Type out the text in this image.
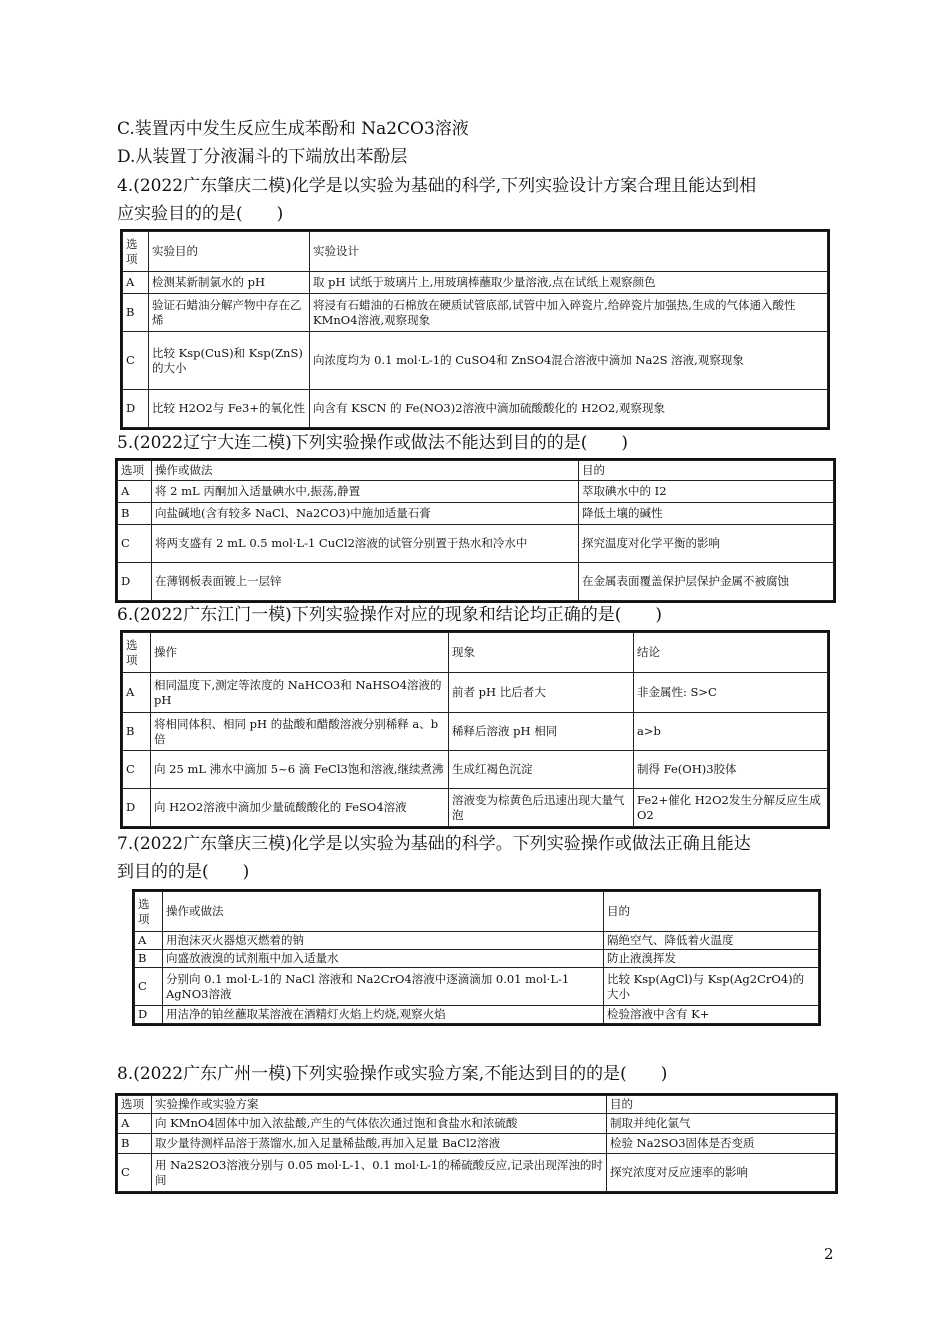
C.装置丙中发生反应生成苯酚和 Na2CO3溶液
D.从装置丁分液漏斗的下端放出苯酚层
4.(2022广东肇庆二模)化学是以实验为基础的科学,下列实验设计方案合理且能达到相
应实验目的的是(　　)
选项	实验目的	实验设计
A	检测某新制氯水的 pH	取 pH 试纸于玻璃片上,用玻璃棒蘸取少量溶液,点在试纸上观察颜色
B	验证石蜡油分解产物中存在乙烯	将浸有石蜡油的石棉放在硬质试管底部,试管中加入碎瓷片,给碎瓷片加强热,生成的气体通入酸性 KMnO4溶液,观察现象
C	比较 Ksp(CuS)和 Ksp(ZnS)的大小	向浓度均为 0.1 mol·L-1的 CuSO4和 ZnSO4混合溶液中滴加 Na2S 溶液,观察现象
D	比较 H2O2与 Fe3+的氧化性	向含有 KSCN 的 Fe(NO3)2溶液中滴加硫酸酸化的 H2O2,观察现象
5.(2022辽宁大连二模)下列实验操作或做法不能达到目的的是(　　)
选项	操作或做法	目的
A	将 2 mL 丙酮加入适量碘水中,振荡,静置	萃取碘水中的 I2
B	向盐碱地(含有较多 NaCl、Na2CO3)中施加适量石膏	降低土壤的碱性
C	将两支盛有 2 mL 0.5 mol·L-1 CuCl2溶液的试管分别置于热水和冷水中	探究温度对化学平衡的影响
D	在薄钢板表面镀上一层锌	在金属表面覆盖保护层保护金属不被腐蚀
6.(2022广东江门一模)下列实验操作对应的现象和结论均正确的是(　　)
选项	操作	现象	结论
A	相同温度下,测定等浓度的 NaHCO3和 NaHSO4溶液的 pH	前者 pH 比后者大	非金属性: S>C
B	将相同体积、相同 pH 的盐酸和醋酸溶液分别稀释 a、b 倍	稀释后溶液 pH 相同	a>b
C	向 25 mL 沸水中滴加 5~6 滴 FeCl3饱和溶液,继续煮沸	生成红褐色沉淀	制得 Fe(OH)3胶体
D	向 H2O2溶液中滴加少量硫酸酸化的 FeSO4溶液	溶液变为棕黄色后迅速出现大量气泡	Fe2+催化 H2O2发生分解反应生成 O2
7.(2022广东肇庆三模)化学是以实验为基础的科学。下列实验操作或做法正确且能达
到目的的是(　　)
选项	操作或做法	目的
A	用泡沫灭火器熄灭燃着的钠	隔绝空气、降低着火温度
B	向盛放液溴的试剂瓶中加入适量水	防止液溴挥发
C	分别向 0.1 mol·L-1的 NaCl 溶液和 Na2CrO4溶液中逐滴滴加 0.01 mol·L-1 AgNO3溶液	比较 Ksp(AgCl)与 Ksp(Ag2CrO4)的大小
D	用洁净的铂丝蘸取某溶液在酒精灯火焰上灼烧,观察火焰	检验溶液中含有 K+
8.(2022广东广州一模)下列实验操作或实验方案,不能达到目的的是(　　)
选项	实验操作或实验方案	目的
A	向 KMnO4固体中加入浓盐酸,产生的气体依次通过饱和食盐水和浓硫酸	制取并纯化氯气
B	取少量待测样品溶于蒸馏水,加入足量稀盐酸,再加入足量 BaCl2溶液	检验 Na2SO3固体是否变质
C	用 Na2S2O3溶液分别与 0.05 mol·L-1、0.1 mol·L-1的稀硫酸反应,记录出现浑浊的时间	探究浓度对反应速率的影响
2
